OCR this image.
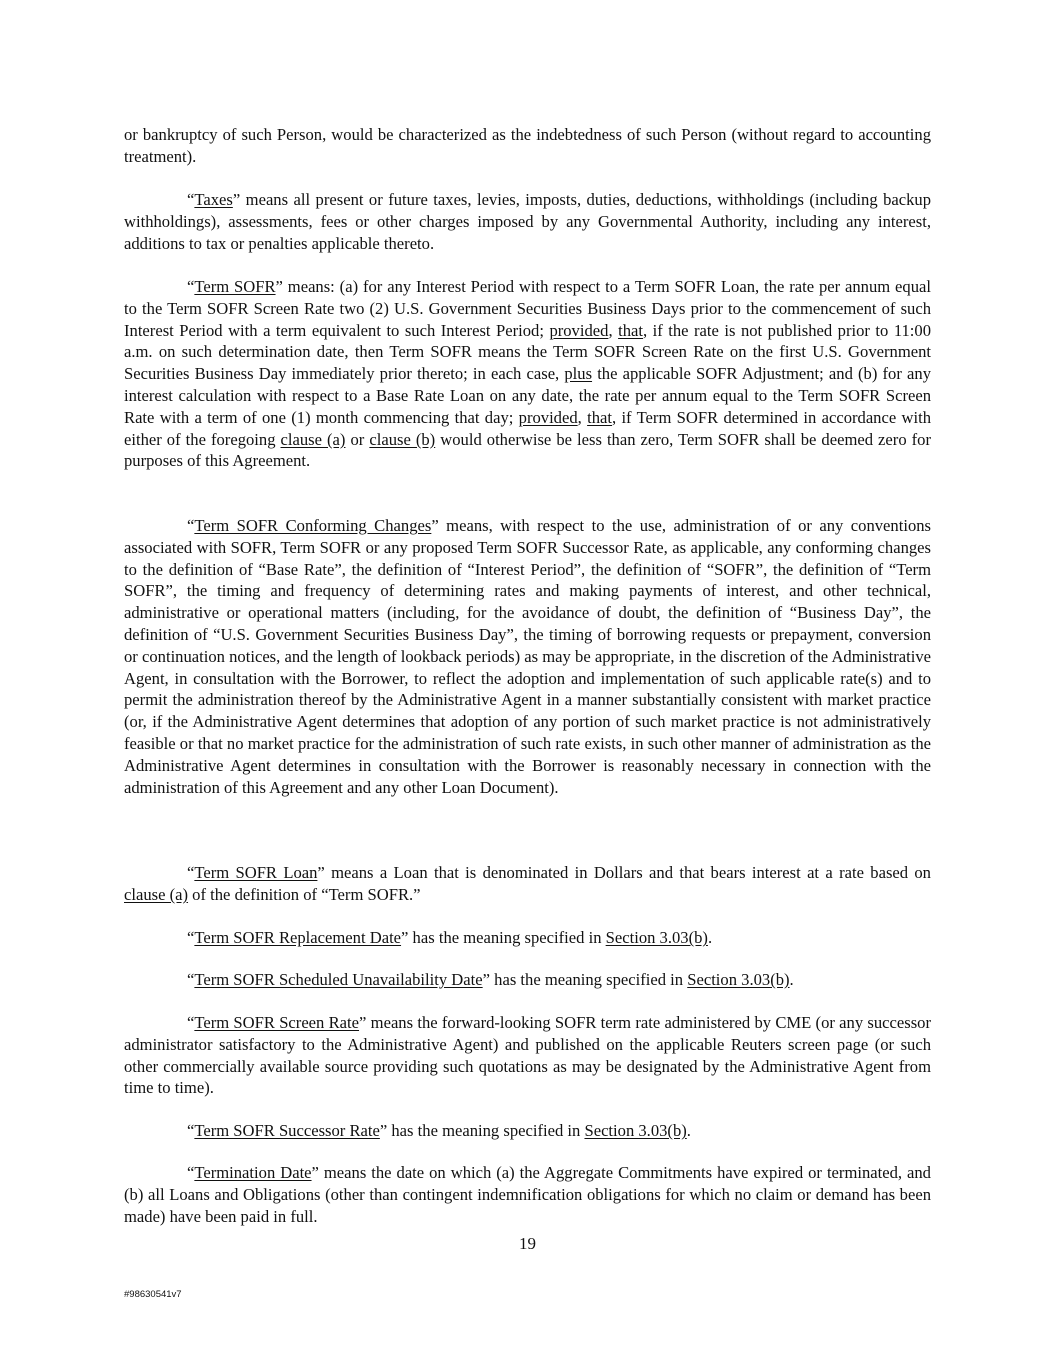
or bankruptcy of such Person, would be characterized as the indebtedness of such Person (without regard to accounting treatment).

“Taxes” means all present or future taxes, levies, imposts, duties, deductions, withholdings (including backup withholdings), assessments, fees or other charges imposed by any Governmental Authority, including any interest, additions to tax or penalties applicable thereto.

“Term SOFR” means: (a) for any Interest Period with respect to a Term SOFR Loan, the rate per annum equal to the Term SOFR Screen Rate two (2) U.S. Government Securities Business Days prior to the commencement of such Interest Period with a term equivalent to such Interest Period; provided, that, if the rate is not published prior to 11:00 a.m. on such determination date, then Term SOFR means the Term SOFR Screen Rate on the first U.S. Government Securities Business Day immediately prior thereto; in each case, plus the applicable SOFR Adjustment; and (b) for any interest calculation with respect to a Base Rate Loan on any date, the rate per annum equal to the Term SOFR Screen Rate with a term of one (1) month commencing that day; provided, that, if Term SOFR determined in accordance with either of the foregoing clause (a) or clause (b) would otherwise be less than zero, Term SOFR shall be deemed zero for purposes of this Agreement.

“Term SOFR Conforming Changes” means, with respect to the use, administration of or any conventions associated with SOFR, Term SOFR or any proposed Term SOFR Successor Rate, as applicable, any conforming changes to the definition of “Base Rate”, the definition of “Interest Period”, the definition of “SOFR”, the definition of “Term SOFR”, the timing and frequency of determining rates and making payments of interest, and other technical, administrative or operational matters (including, for the avoidance of doubt, the definition of “Business Day”, the definition of “U.S. Government Securities Business Day”, the timing of borrowing requests or prepayment, conversion or continuation notices, and the length of lookback periods) as may be appropriate, in the discretion of the Administrative Agent, in consultation with the Borrower, to reflect the adoption and implementation of such applicable rate(s) and to permit the administration thereof by the Administrative Agent in a manner substantially consistent with market practice (or, if the Administrative Agent determines that adoption of any portion of such market practice is not administratively feasible or that no market practice for the administration of such rate exists, in such other manner of administration as the Administrative Agent determines in consultation with the Borrower is reasonably necessary in connection with the administration of this Agreement and any other Loan Document).

“Term SOFR Loan” means a Loan that is denominated in Dollars and that bears interest at a rate based on clause (a) of the definition of “Term SOFR.”

“Term SOFR Replacement Date” has the meaning specified in Section 3.03(b).

“Term SOFR Scheduled Unavailability Date” has the meaning specified in Section 3.03(b).

“Term SOFR Screen Rate” means the forward-looking SOFR term rate administered by CME (or any successor administrator satisfactory to the Administrative Agent) and published on the applicable Reuters screen page (or such other commercially available source providing such quotations as may be designated by the Administrative Agent from time to time).

“Term SOFR Successor Rate” has the meaning specified in Section 3.03(b).

“Termination Date” means the date on which (a) the Aggregate Commitments have expired or terminated, and (b) all Loans and Obligations (other than contingent indemnification obligations for which no claim or demand has been made) have been paid in full.

19

#98630541v7
